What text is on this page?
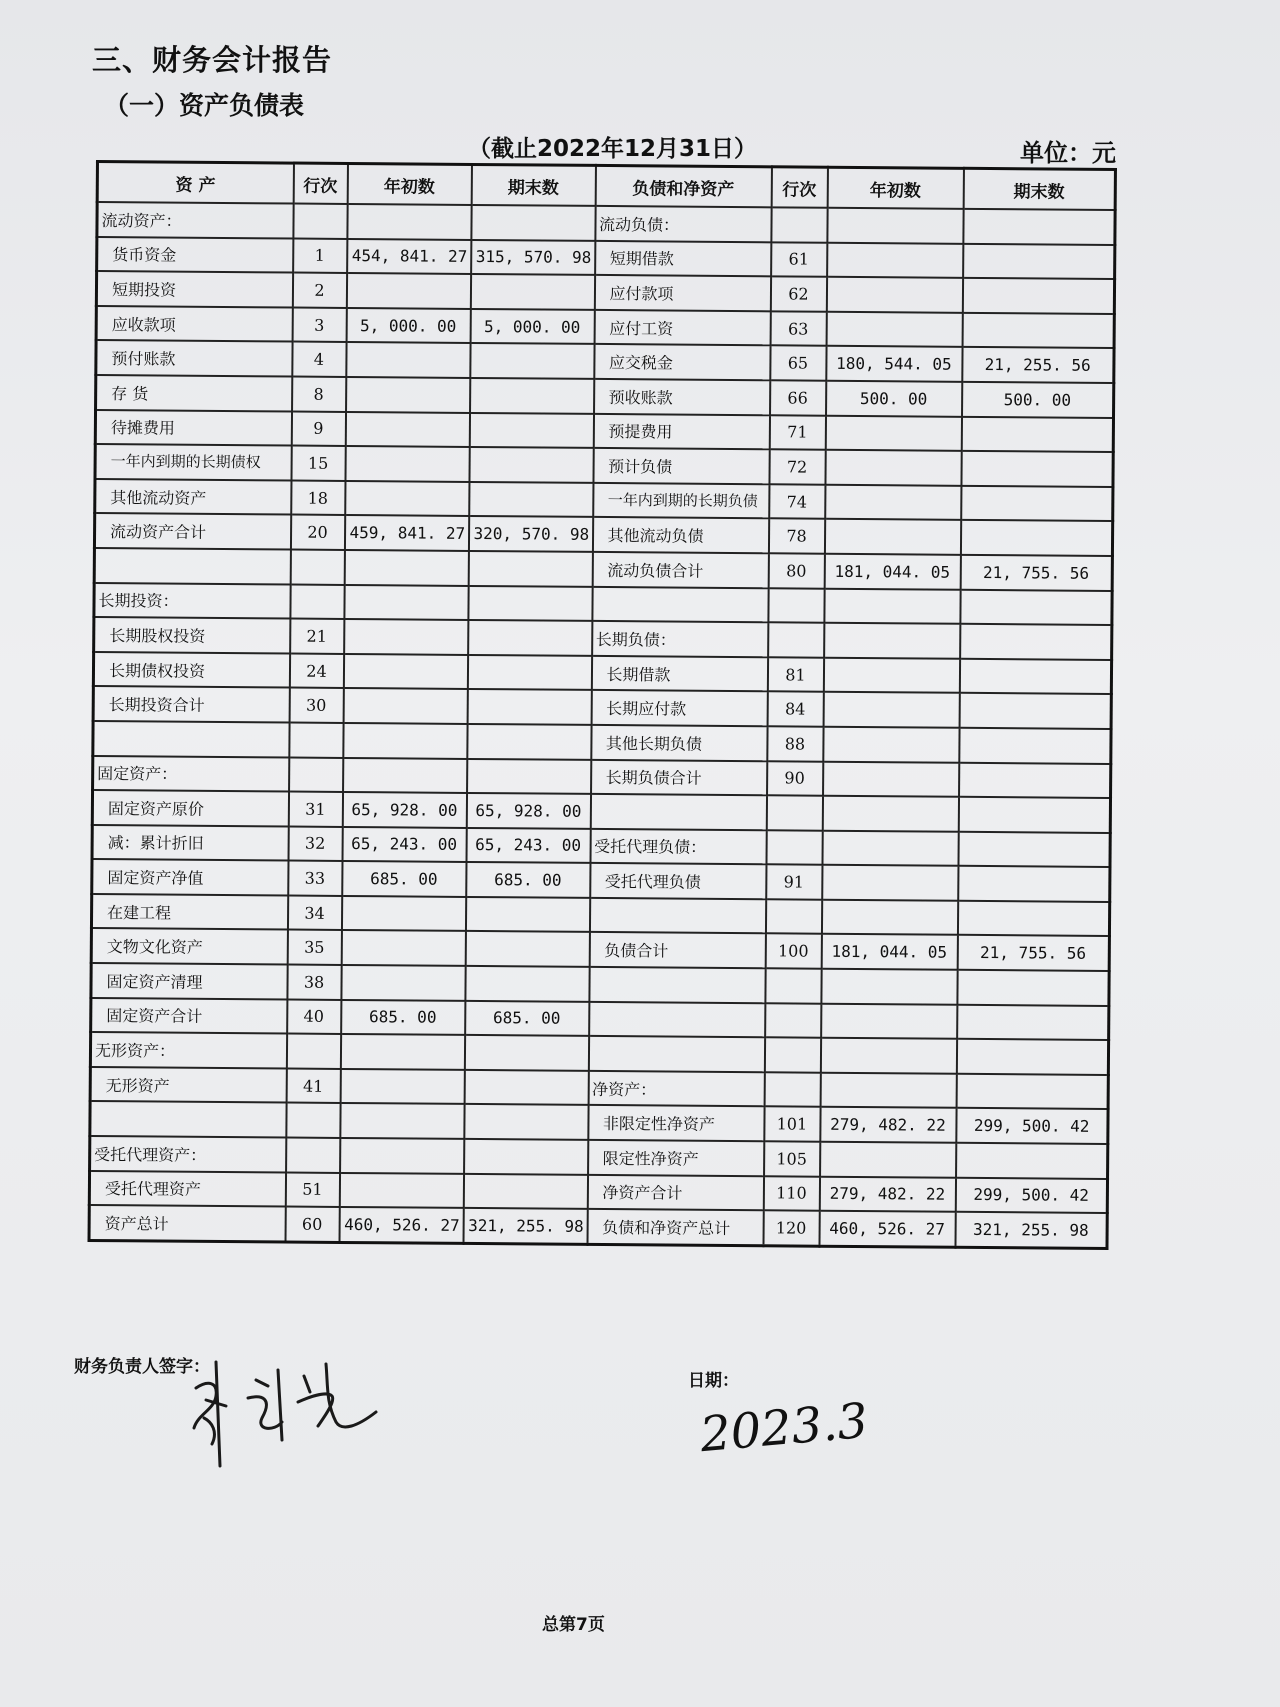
三、财务会计报告
（一）资产负债表
（截止2022年12月31日）	单位：元
资 产	行次	年初数	期末数	负债和净资产	行次	年初数	期末数
流动资产：				流动负债：			
货币资金	1	454, 841. 27	315, 570. 98	短期借款	61		
短期投资	2			应付款项	62		
应收款项	3	5, 000. 00	5, 000. 00	应付工资	63		
预付账款	4			应交税金	65	180, 544. 05	21, 255. 56
存 货	8			预收账款	66	500. 00	500. 00
待摊费用	9			预提费用	71		
一年内到期的长期债权	15			预计负债	72		
其他流动资产	18			一年内到期的长期负债	74		
流动资产合计	20	459, 841. 27	320, 570. 98	其他流动负债	78		
				流动负债合计	80	181, 044. 05	21, 755. 56
长期投资：							
长期股权投资	21			长期负债：			
长期债权投资	24			长期借款	81		
长期投资合计	30			长期应付款	84		
				其他长期负债	88		
固定资产：				长期负债合计	90		
固定资产原价	31	65, 928. 00	65, 928. 00				
减：累计折旧	32	65, 243. 00	65, 243. 00	受托代理负债：			
固定资产净值	33	685. 00	685. 00	受托代理负债	91		
在建工程	34						
文物文化资产	35			负债合计	100	181, 044. 05	21, 755. 56
固定资产清理	38						
固定资产合计	40	685. 00	685. 00				
无形资产：							
无形资产	41			净资产：			
				非限定性净资产	101	279, 482. 22	299, 500. 42
受托代理资产：				限定性净资产	105		
受托代理资产	51			净资产合计	110	279, 482. 22	299, 500. 42
资产总计	60	460, 526. 27	321, 255. 98	负债和净资产总计	120	460, 526. 27	321, 255. 98
财务负责人签字：
日期：
2023.3
总第7页
